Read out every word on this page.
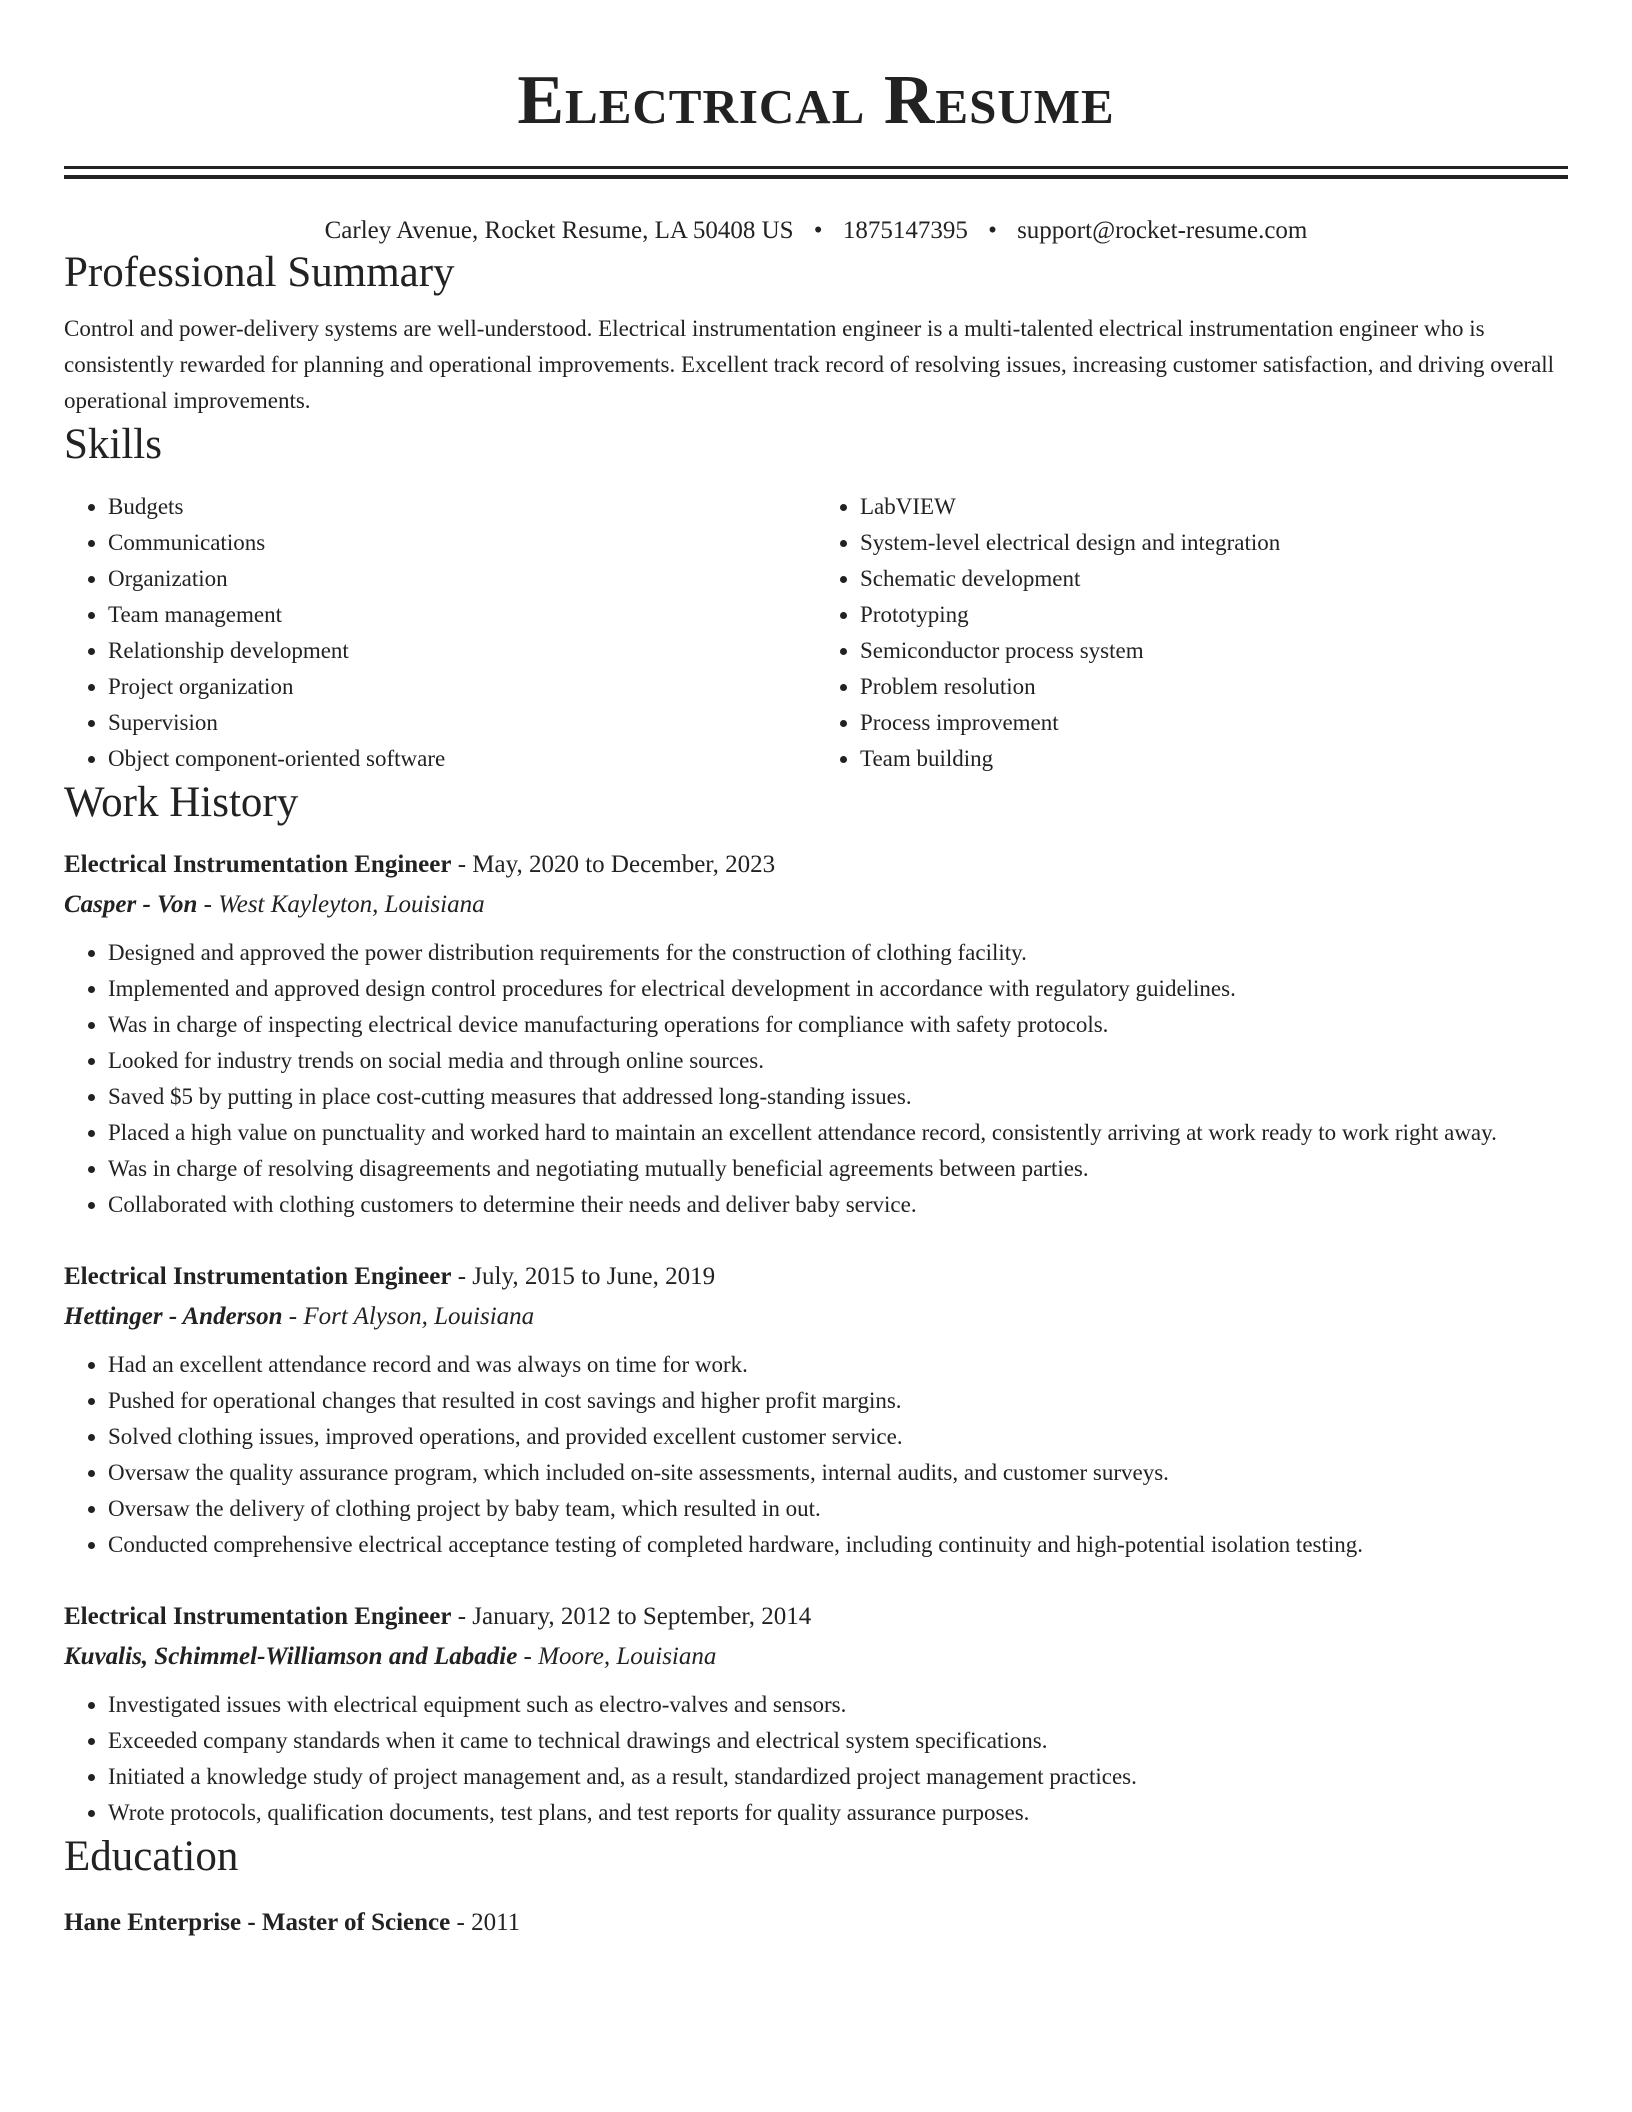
Electrical Resume
Carley Avenue, Rocket Resume, LA 50408 US • 1875147395 • support@rocket-resume.com
Professional Summary
Control and power-delivery systems are well-understood. Electrical instrumentation engineer is a multi-talented electrical instrumentation engineer who is consistently rewarded for planning and operational improvements. Excellent track record of resolving issues, increasing customer satisfaction, and driving overall operational improvements.
Skills
• Budgets
• Communications
• Organization
• Team management
• Relationship development
• Project organization
• Supervision
• Object component-oriented software
• LabVIEW
• System-level electrical design and integration
• Schematic development
• Prototyping
• Semiconductor process system
• Problem resolution
• Process improvement
• Team building
Work History
Electrical Instrumentation Engineer - May, 2020 to December, 2023
Casper - Von - West Kayleyton, Louisiana
• Designed and approved the power distribution requirements for the construction of clothing facility.
• Implemented and approved design control procedures for electrical development in accordance with regulatory guidelines.
• Was in charge of inspecting electrical device manufacturing operations for compliance with safety protocols.
• Looked for industry trends on social media and through online sources.
• Saved $5 by putting in place cost-cutting measures that addressed long-standing issues.
• Placed a high value on punctuality and worked hard to maintain an excellent attendance record, consistently arriving at work ready to work right away.
• Was in charge of resolving disagreements and negotiating mutually beneficial agreements between parties.
• Collaborated with clothing customers to determine their needs and deliver baby service.
Electrical Instrumentation Engineer - July, 2015 to June, 2019
Hettinger - Anderson - Fort Alyson, Louisiana
• Had an excellent attendance record and was always on time for work.
• Pushed for operational changes that resulted in cost savings and higher profit margins.
• Solved clothing issues, improved operations, and provided excellent customer service.
• Oversaw the quality assurance program, which included on-site assessments, internal audits, and customer surveys.
• Oversaw the delivery of clothing project by baby team, which resulted in out.
• Conducted comprehensive electrical acceptance testing of completed hardware, including continuity and high-potential isolation testing.
Electrical Instrumentation Engineer - January, 2012 to September, 2014
Kuvalis, Schimmel-Williamson and Labadie - Moore, Louisiana
• Investigated issues with electrical equipment such as electro-valves and sensors.
• Exceeded company standards when it came to technical drawings and electrical system specifications.
• Initiated a knowledge study of project management and, as a result, standardized project management practices.
• Wrote protocols, qualification documents, test plans, and test reports for quality assurance purposes.
Education
Hane Enterprise - Master of Science - 2011
